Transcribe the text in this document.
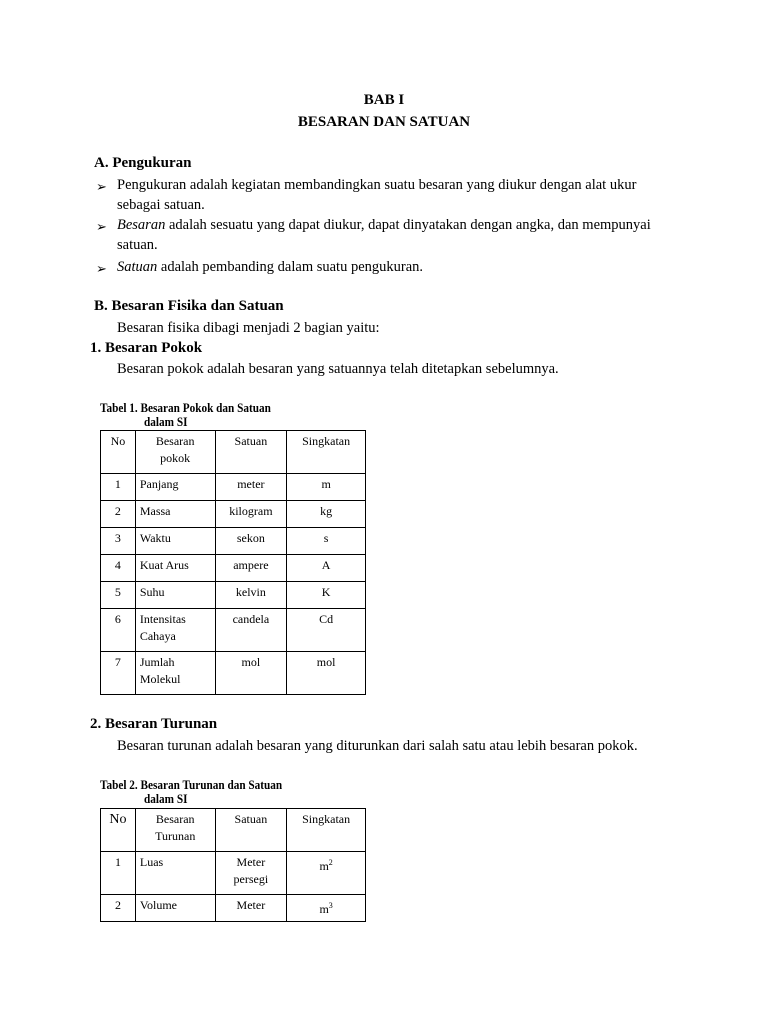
BAB I
BESARAN DAN SATUAN
A. Pengukuran
➢ Pengukuran adalah kegiatan membandingkan suatu besaran yang diukur dengan alat ukur
sebagai satuan.
➢ Besaran adalah sesuatu yang dapat diukur, dapat dinyatakan dengan angka, dan mempunyai
satuan.
➢ Satuan adalah pembanding dalam suatu pengukuran.
B. Besaran Fisika dan Satuan
Besaran fisika dibagi menjadi 2 bagian yaitu:
1. Besaran Pokok
Besaran pokok adalah besaran yang satuannya telah ditetapkan sebelumnya.
Tabel 1. Besaran Pokok dan Satuan
dalam SI
No	Besaran pokok	Satuan	Singkatan
1	Panjang	meter	m
2	Massa	kilogram	kg
3	Waktu	sekon	s
4	Kuat Arus	ampere	A
5	Suhu	kelvin	K
6	Intensitas Cahaya	candela	Cd
7	Jumlah Molekul	mol	mol
2. Besaran Turunan
Besaran turunan adalah besaran yang diturunkan dari salah satu atau lebih besaran pokok.
Tabel 2. Besaran Turunan dan Satuan
dalam SI
No	Besaran Turunan	Satuan	Singkatan
1	Luas	Meter persegi	$m^2$
2	Volume	Meter	$m^3$
